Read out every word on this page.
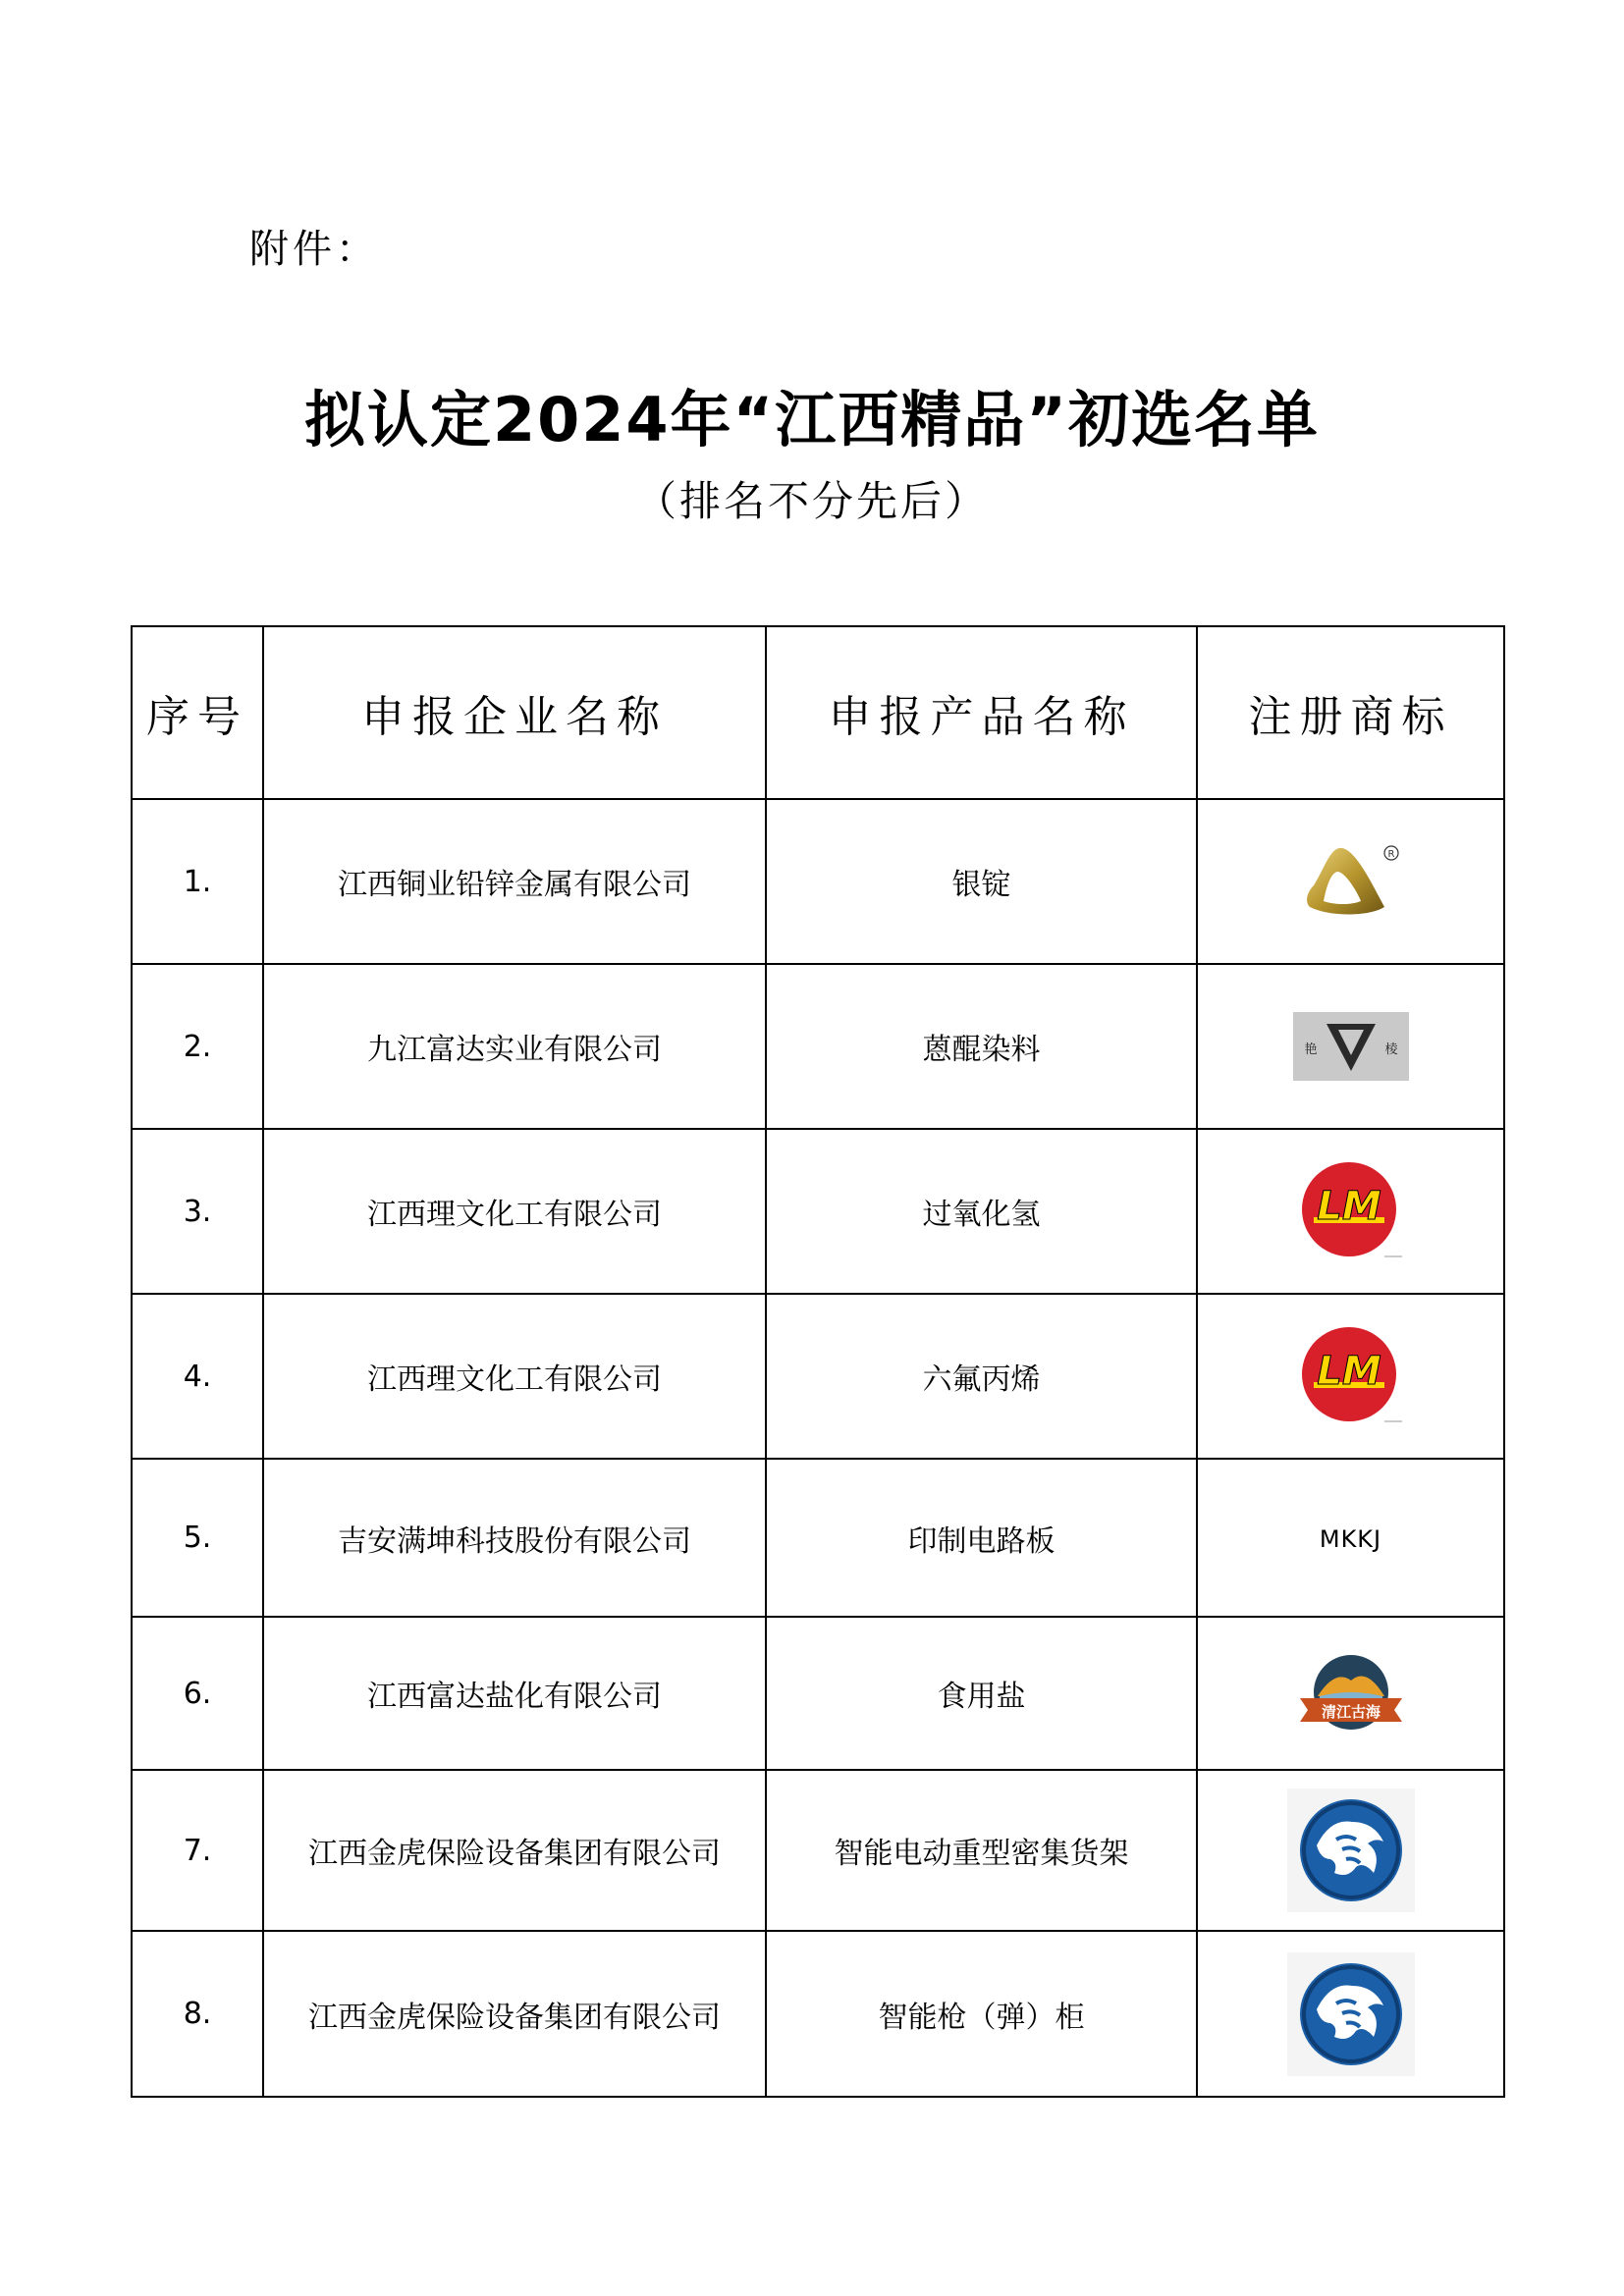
附件：
拟认定2024年“江西精品”初选名单
（排名不分先后）
序号	申报企业名称	申报产品名称	注册商标
1.	江西铜业铅锌金属有限公司	银锭	R

2.	九江富达实业有限公司	蒽醌染料	艳 棱

3.	江西理文化工有限公司	过氧化氢	LM

4.	江西理文化工有限公司	六氟丙烯	LM

5.	吉安满坤科技股份有限公司	印制电路板	MKKJ
6.	江西富达盐化有限公司	食用盐	清江古海

7.	江西金虎保险设备集团有限公司	智能电动重型密集货架	
8.	江西金虎保险设备集团有限公司	智能枪（弹）柜	
